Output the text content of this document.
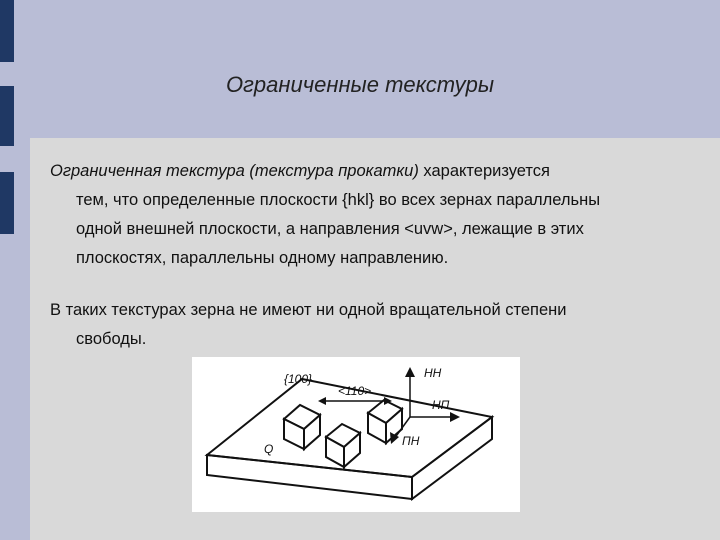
Ограниченные текстуры
Ограниченная текстура (текстура прокатки) характеризуется
тем, что определенные плоскости {hkl} во всех зернах параллельны
одной внешней плоскости, а направления <uvw>, лежащие в этих
плоскостях, параллельны одному направлению.
В таких текстурах зерна не имеют ни одной вращательной степени
свободы.
{100}
<110>
НН
НП
ПН
Q
